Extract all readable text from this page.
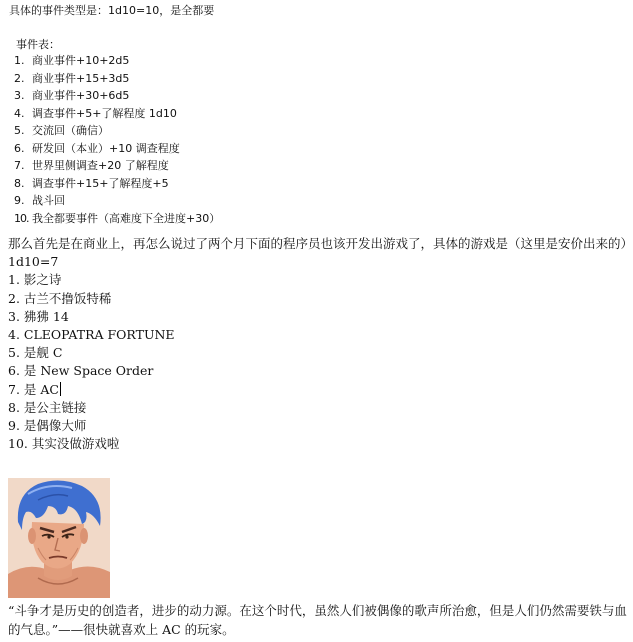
具体的事件类型是：1d10=10，是全都要
事件表：
1. 商业事件+10+2d5
2. 商业事件+15+3d5
3. 商业事件+30+6d5
4. 调查事件+5+了解程度 1d10
5. 交流回（确信）
6. 研发回（本业）+10 调查程度
7. 世界里侧调查+20 了解程度
8. 调查事件+15+了解程度+5
9. 战斗回
10. 我全都要事件（高难度下全进度+30）

那么首先是在商业上，再怎么说过了两个月下面的程序员也该开发出游戏了，具体的游戏是（这里是安价出来的）

1d10=7

1. 影之诗
2. 古兰不撸饭特稀
3. 狒狒 14
4. CLEOPATRA FORTUNE
5. 是舰 C
6. 是 New Space Order
7. 是 AC
8. 是公主链接
9. 是偶像大师
10. 其实没做游戏啦
“斗争才是历史的创造者，进步的动力源。在这个时代，虽然人们被偶像的歌声所治愈，但是人们仍然需要铁与血的气息。”——很快就喜欢上 AC 的玩家。
